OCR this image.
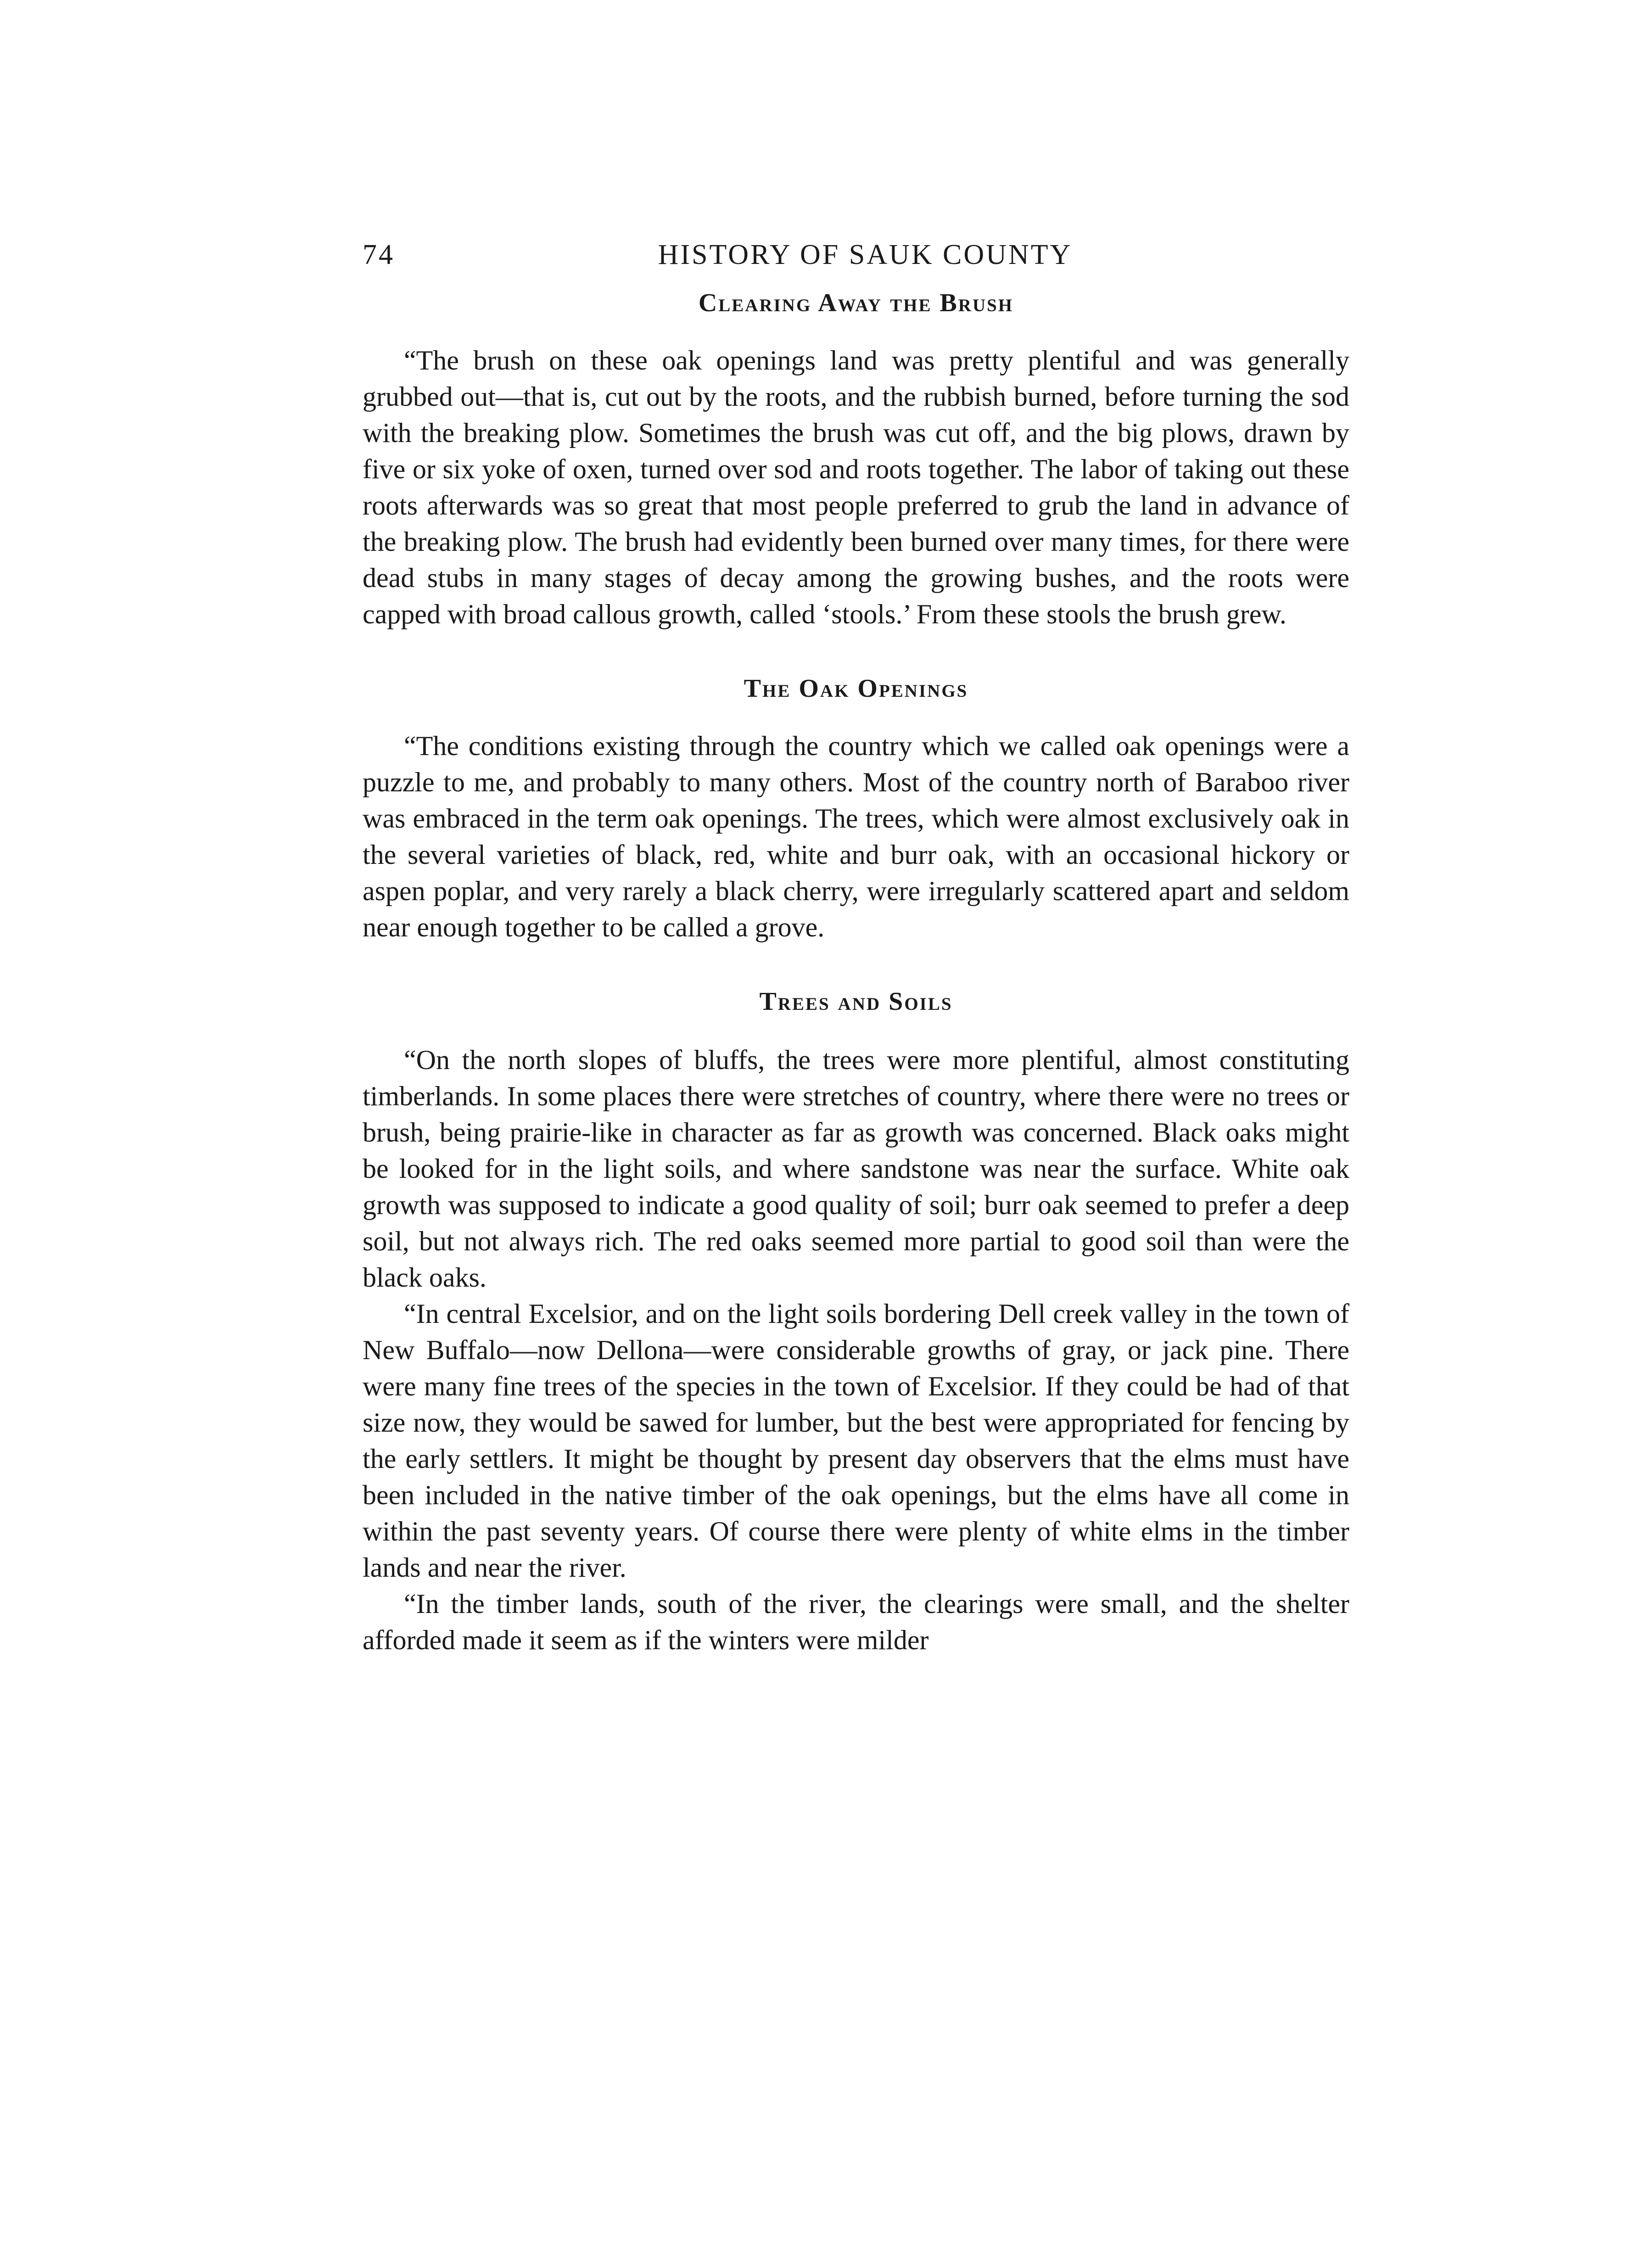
74	HISTORY OF SAUK COUNTY
Clearing Away the Brush

“The brush on these oak openings land was pretty plentiful and was generally grubbed out—that is, cut out by the roots, and the rubbish burned, before turning the sod with the breaking plow. Sometimes the brush was cut off, and the big plows, drawn by five or six yoke of oxen, turned over sod and roots together. The labor of taking out these roots afterwards was so great that most people preferred to grub the land in advance of the breaking plow. The brush had evidently been burned over many times, for there were dead stubs in many stages of decay among the growing bushes, and the roots were capped with broad callous growth, called ‘stools.’ From these stools the brush grew.

The Oak Openings

“The conditions existing through the country which we called oak openings were a puzzle to me, and probably to many others. Most of the country north of Baraboo river was embraced in the term oak openings. The trees, which were almost exclusively oak in the several varieties of black, red, white and burr oak, with an occasional hickory or aspen poplar, and very rarely a black cherry, were irregularly scattered apart and seldom near enough together to be called a grove.

Trees and Soils

“On the north slopes of bluffs, the trees were more plentiful, almost constituting timberlands. In some places there were stretches of country, where there were no trees or brush, being prairie-like in character as far as growth was concerned. Black oaks might be looked for in the light soils, and where sandstone was near the surface. White oak growth was supposed to indicate a good quality of soil; burr oak seemed to prefer a deep soil, but not always rich. The red oaks seemed more partial to good soil than were the black oaks.

“In central Excelsior, and on the light soils bordering Dell creek valley in the town of New Buffalo—now Dellona—were considerable growths of gray, or jack pine. There were many fine trees of the species in the town of Excelsior. If they could be had of that size now, they would be sawed for lumber, but the best were appropriated for fencing by the early settlers. It might be thought by present day observers that the elms must have been included in the native timber of the oak openings, but the elms have all come in within the past seventy years. Of course there were plenty of white elms in the timber lands and near the river.

“In the timber lands, south of the river, the clearings were small, and the shelter afforded made it seem as if the winters were milder
